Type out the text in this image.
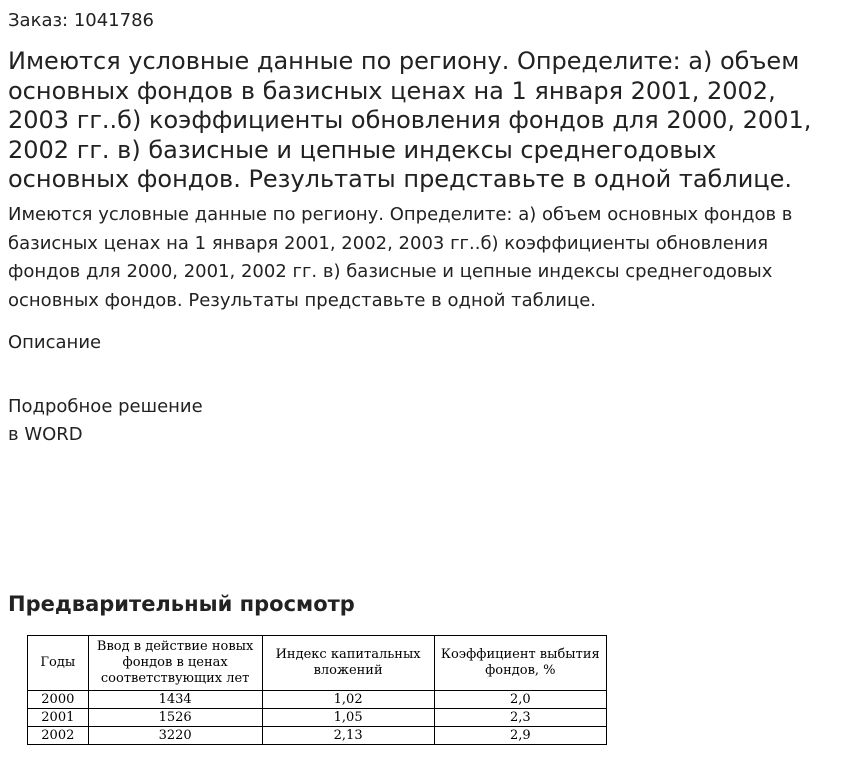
Заказ: 1041786

Имеются условные данные по региону. Определите: а) объем основных фондов в базисных ценах на 1 января 2001, 2002, 2003 гг..б) коэффициенты обновления фондов для 2000, 2001, 2002 гг. в) базисные и цепные индексы среднегодовых основных фондов. Результаты представьте в одной таблице.

Имеются условные данные по региону. Определите: а) объем основных фондов в базисных ценах на 1 января 2001, 2002, 2003 гг..б) коэффициенты обновления фондов для 2000, 2001, 2002 гг. в) базисные и цепные индексы среднегодовых основных фондов. Результаты представьте в одной таблице.

Описание

Подробное решение
в WORD

Предварительный просмотр
Годы	Ввод в действие новых фондов в ценах соответствующих лет	Индекс капитальных вложений	Коэффициент выбытия фондов, %
2000	1434	1,02	2,0
2001	1526	1,05	2,3
2002	3220	2,13	2,9
